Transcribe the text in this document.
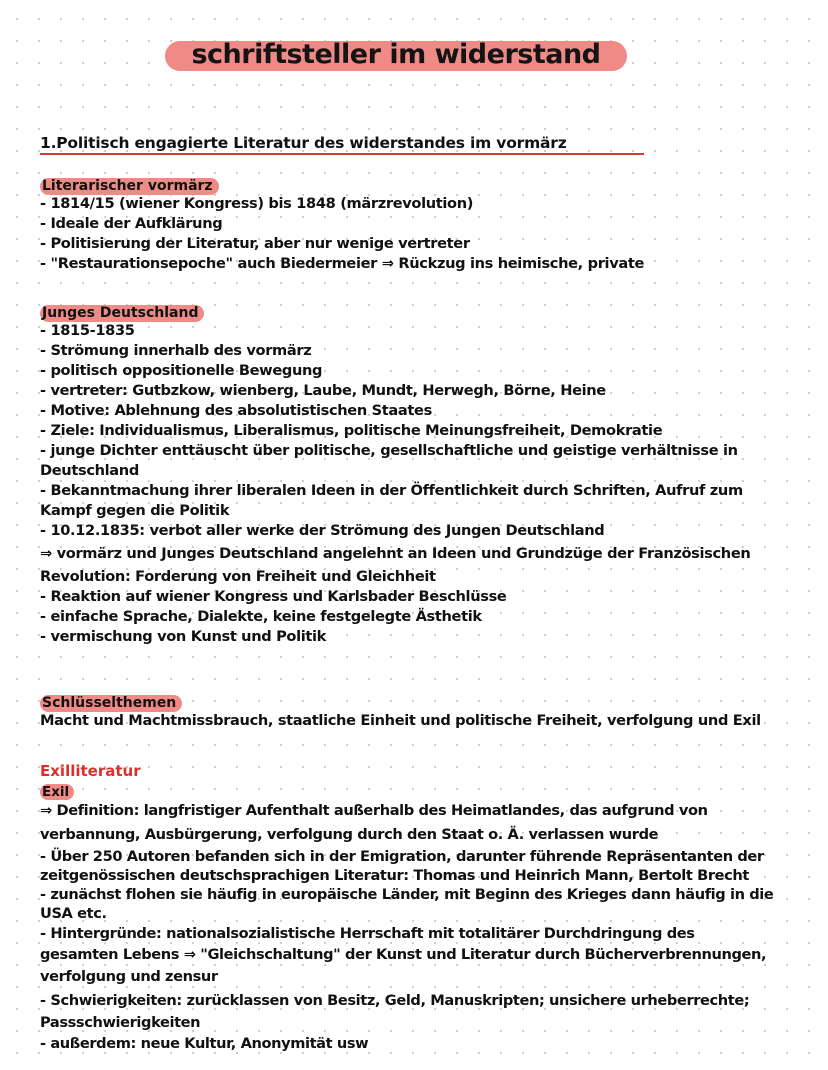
schriftsteller im widerstand
1.Politisch engagierte Literatur des widerstandes im vormärz
Literarischer vormärz
- 1814/15 (wiener Kongress) bis 1848 (märzrevolution)
- Ideale der Aufklärung
- Politisierung der Literatur, aber nur wenige vertreter
- "Restaurationsepoche" auch Biedermeier ⇒ Rückzug ins heimische, private
Junges Deutschland
- 1815-1835
- Strömung innerhalb des vormärz
- politisch oppositionelle Bewegung
- vertreter: Gutbzkow, wienberg, Laube, Mundt, Herwegh, Börne, Heine
- Motive: Ablehnung des absolutistischen Staates
- Ziele: Individualismus, Liberalismus, politische Meinungsfreiheit, Demokratie
- junge Dichter enttäuscht über politische, gesellschaftliche und geistige verhältnisse in
Deutschland
- Bekanntmachung ihrer liberalen Ideen in der Öffentlichkeit durch Schriften, Aufruf zum
Kampf gegen die Politik
- 10.12.1835: verbot aller werke der Strömung des Jungen Deutschland
⇒ vormärz und Junges Deutschland angelehnt an Ideen und Grundzüge der Französischen
Revolution: Forderung von Freiheit und Gleichheit
- Reaktion auf wiener Kongress und Karlsbader Beschlüsse
- einfache Sprache, Dialekte, keine festgelegte Ästhetik
- vermischung von Kunst und Politik
Schlüsselthemen
Macht und Machtmissbrauch, staatliche Einheit und politische Freiheit, verfolgung und Exil
Exilliteratur
Exil
⇒ Definition: langfristiger Aufenthalt außerhalb des Heimatlandes, das aufgrund von
verbannung, Ausbürgerung, verfolgung durch den Staat o. Ä. verlassen wurde
- Über 250 Autoren befanden sich in der Emigration, darunter führende Repräsentanten der
zeitgenössischen deutschsprachigen Literatur: Thomas und Heinrich Mann, Bertolt Brecht
- zunächst flohen sie häufig in europäische Länder, mit Beginn des Krieges dann häufig in die
USA etc.
- Hintergründe: nationalsozialistische Herrschaft mit totalitärer Durchdringung des
gesamten Lebens ⇒ "Gleichschaltung" der Kunst und Literatur durch Bücherverbrennungen,
verfolgung und zensur
- Schwierigkeiten: zurücklassen von Besitz, Geld, Manuskripten; unsichere urheberrechte;
Passschwierigkeiten
- außerdem: neue Kultur, Anonymität usw
